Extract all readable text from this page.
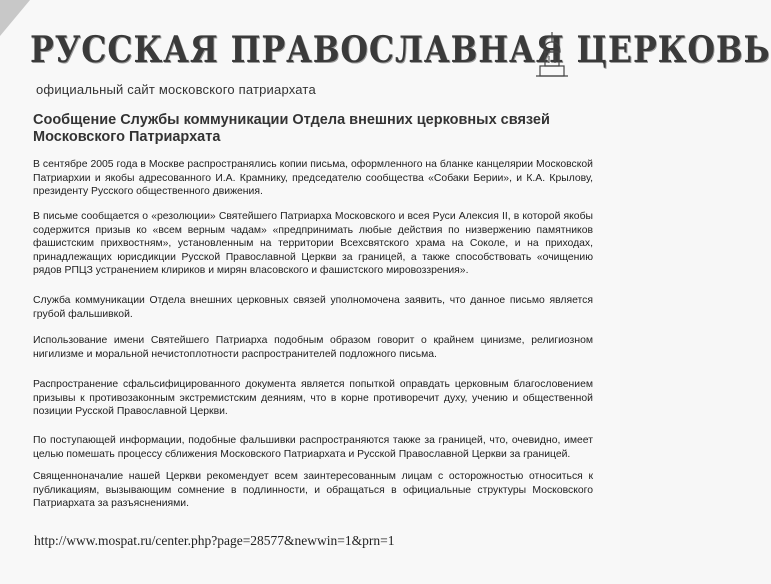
РУССКАЯ ПРАВОСЛАВНАЯ ЦЕРКОВЬ
официальный сайт московского патриархата
Сообщение Службы коммуникации Отдела внешних церковных связей
Московского Патриархата

В сентябре 2005 года в Москве распространялись копии письма, оформленного на бланке канцелярии Московской Патриархии и якобы адресованного И.А. Крамнику, председателю сообщества «Собаки Берии», и К.А. Крылову, президенту Русского общественного движения.

В письме сообщается о «резолюции» Святейшего Патриарха Московского и всея Руси Алексия II, в которой якобы содержится призыв ко «всем верным чадам» «предпринимать любые действия по низвержению памятников фашистским прихвостням», установленным на территории Всехсвятского храма на Соколе, и на приходах, принадлежащих юрисдикции Русской Православной Церкви за границей, а также способствовать «очищению рядов РПЦЗ устранением клириков и мирян власовского и фашистского мировоззрения».

Служба коммуникации Отдела внешних церковных связей уполномочена заявить, что данное письмо является грубой фальшивкой.

Использование имени Святейшего Патриарха подобным образом говорит о крайнем цинизме, религиозном нигилизме и моральной нечистоплотности распространителей подложного письма.

Распространение сфальсифицированного документа является попыткой оправдать церковным благословением призывы к противозаконным экстремистским деяниям, что в корне противоречит духу, учению и общественной позиции Русской Православной Церкви.

По поступающей информации, подобные фальшивки распространяются также за границей, что, очевидно, имеет целью помешать процессу сближения Московского Патриархата и Русской Православной Церкви за границей.

Священноначалие нашей Церкви рекомендует всем заинтересованным лицам с осторожностью относиться к публикациям, вызывающим сомнение в подлинности, и обращаться в официальные структуры Московского Патриархата за разъяснениями.

http://www.mospat.ru/center.php?page=28577&newwin=1&prn=1
